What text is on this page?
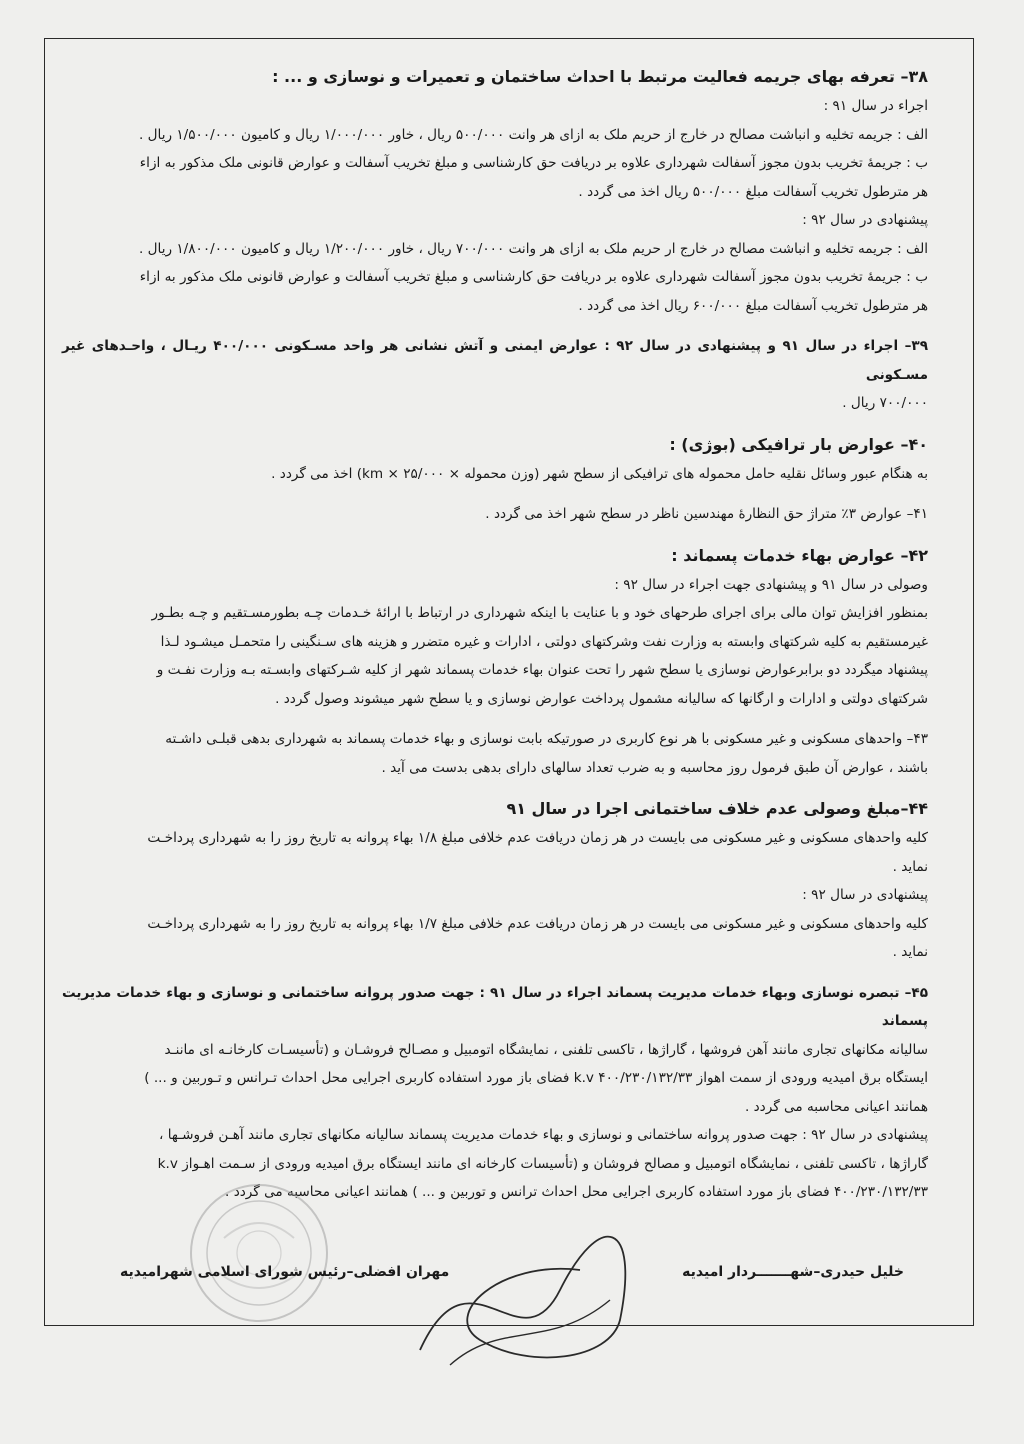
۳۸– تعرفه بهای جریمه فعالیت مرتبط با احداث ساختمان و تعمیرات و نوسازی و ... :

اجراء در سال ۹۱ :

الف : جریمه تخلیه و انباشت مصالح در خارج از حریم ملک به ازای هر وانت ۵۰۰/۰۰۰ ریال ، خاور ۱/۰۰۰/۰۰۰ ریال و کامیون ۱/۵۰۰/۰۰۰ ریال .

ب : جریمۀ تخریب بدون مجوز آسفالت شهرداری علاوه بر دریافت حق کارشناسی و مبلغ تخریب آسفالت و عوارض قانونی ملک مذکور به ازاء

هر مترطول تخریب آسفالت مبلغ ۵۰۰/۰۰۰ ریال اخذ می گردد .

پیشنهادی در سال ۹۲ :

الف : جریمه تخلیه و انباشت مصالح در خارج ار حریم ملک به ازای هر وانت ۷۰۰/۰۰۰ ریال ، خاور ۱/۲۰۰/۰۰۰ ریال و کامیون ۱/۸۰۰/۰۰۰ ریال .

ب : جریمۀ تخریب بدون مجوز آسفالت شهرداری علاوه بر دریافت حق کارشناسی و مبلغ تخریب آسفالت و عوارض قانونی ملک مذکور به ازاء

هر مترطول تخریب آسفالت مبلغ ۶۰۰/۰۰۰ ریال اخذ می گردد .

۳۹– اجراء در سال ۹۱ و پیشنهادی در سال ۹۲ : عوارض ایمنی و آتش نشانی هر واحد مسـکونی ۴۰۰/۰۰۰ ریـال ، واحـدهای غیر مسـکونی

۷۰۰/۰۰۰ ریال .

۴۰– عوارض بار ترافیکی (بوژی) :

به هنگام عبور وسائل نقلیه حامل محموله های ترافیکی از سطح شهر (وزن محموله × ۲۵/۰۰۰ × km) اخذ می گردد .

۴۱– عوارض ۳٪ متراژ حق النظارۀ مهندسین ناظر در سطح شهر اخذ می گردد .

۴۲– عوارض بهاء خدمات پسماند :

وصولی در سال ۹۱ و پیشنهادی جهت اجراء در سال ۹۲ :

بمنظور افزایش توان مالی برای اجرای طرحهای خود و با عنایت با اینکه شهرداری در ارتباط با ارائۀ خـدمات چـه بطورمسـتقیم و چـه بطـور

غیرمستقیم به کلیه شرکتهای وابسته به وزارت نفت وشرکتهای دولتی ، ادارات و غیره متضرر و هزینه های سـنگینی را متحمـل میشـود لـذا

پیشنهاد میگردد دو برابرعوارض نوسازی یا سطح شهر را تحت عنوان بهاء خدمات پسماند شهر از کلیه شـرکتهای وابسـته بـه وزارت نفـت و

شرکتهای دولتی و ادارات و ارگانها که سالیانه مشمول پرداخت عوارض نوسازی و یا سطح شهر میشوند وصول گردد .

۴۳– واحدهای مسکونی و غیر مسکونی با هر نوع کاربری در صورتیکه بابت نوسازی و بهاء خدمات پسماند به شهرداری بدهی قبلـی داشـته

باشند ، عوارض آن طبق فرمول روز محاسبه و به ضرب تعداد سالهای دارای بدهی بدست می آید .

۴۴–مبلغ وصولی عدم خلاف ساختمانی اجرا در سال ۹۱

کلیه واحدهای مسکونی و غیر مسکونی می بایست در هر زمان دریافت عدم خلافی مبلغ ۱/۸ بهاء پروانه به تاریخ روز را به شهرداری پرداخـت

نماید .

پیشنهادی در سال ۹۲ :

کلیه واحدهای مسکونی و غیر مسکونی می بایست در هر زمان دریافت عدم خلافی مبلغ ۱/۷ بهاء پروانه به تاریخ روز را به شهرداری پرداخـت

نماید .

۴۵– تبصره نوسازی وبهاء خدمات مدیریت پسماند اجراء در سال ۹۱ : جهت صدور پروانه ساختمانی و نوسازی و بهاء خدمات مدیریت پسماند

سالیانه مکانهای تجاری مانند آهن فروشها ، گاراژها ، تاکسی تلفنی ، نمایشگاه اتومبیل و مصـالح فروشـان و (تأسیسـات کارخانـه ای ماننـد

ایستگاه برق امیدیه ورودی از سمت اهواز k.v ۴۰۰/۲۳۰/۱۳۲/۳۳ فضای باز مورد استفاده کاربری اجرایی محل احداث تـرانس و تـوربین و ... )

همانند اعیانی محاسبه می گردد .

پیشنهادی در سال ۹۲ : جهت صدور پروانه ساختمانی و نوسازی و بهاء خدمات مدیریت پسماند سالیانه مکانهای تجاری مانند آهـن فروشـها ،

گاراژها ، تاکسی تلفنی ، نمایشگاه اتومبیل و مصالح فروشان و (تأسیسات کارخانه ای مانند ایستگاه برق امیدیه ورودی از سـمت اهـواز k.v

۴۰۰/۲۳۰/۱۳۲/۳۳ فضای باز مورد استفاده کاربری اجرایی محل احداث ترانس و توربین و ... ) همانند اعیانی محاسبه می گردد .

خلیل حیدری–شهـــــــردار امیدیه
مهران افضلی–رئیس شورای اسلامی شهرامیدیه
